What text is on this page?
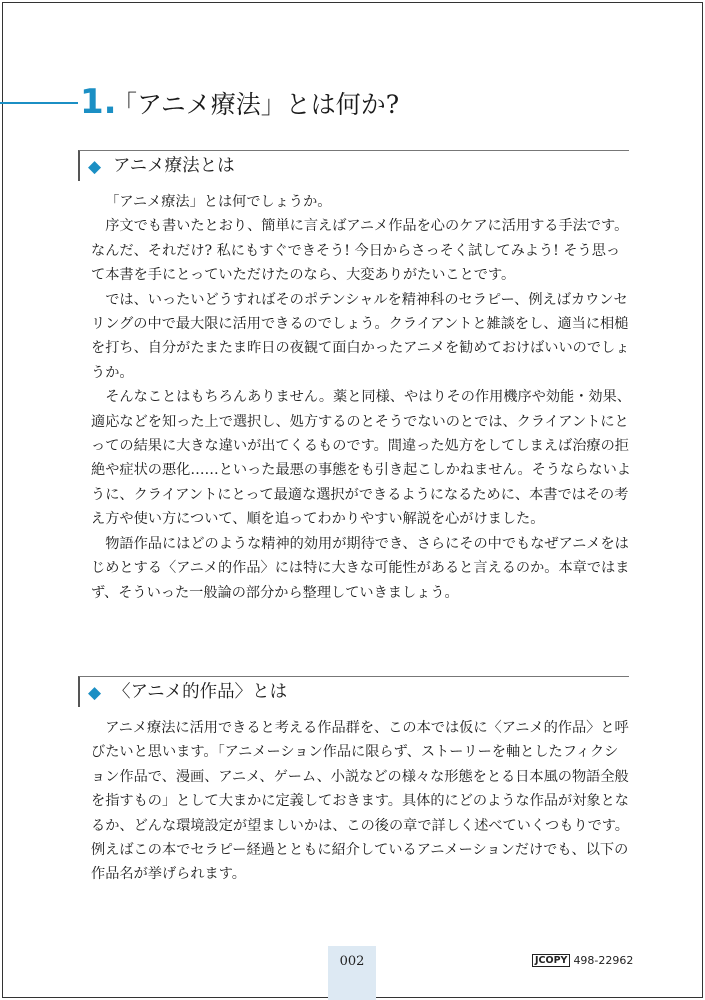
1.
「アニメ療法」とは何か?
◆ アニメ療法とは

「アニメ療法」とは何でしょうか。

序文でも書いたとおり、簡単に言えばアニメ作品を心のケアに活用する手法です。なんだ、それだけ? 私にもすぐできそう! 今日からさっそく試してみよう! そう思って本書を手にとっていただけたのなら、大変ありがたいことです。

では、いったいどうすればそのポテンシャルを精神科のセラピー、例えばカウンセリングの中で最大限に活用できるのでしょう。クライアントと雑談をし、適当に相槌を打ち、自分がたまたま昨日の夜観て面白かったアニメを勧めておけばいいのでしょうか。

そんなことはもちろんありません。薬と同様、やはりその作用機序や効能・効果、適応などを知った上で選択し、処方するのとそうでないのとでは、クライアントにとっての結果に大きな違いが出てくるものです。間違った処方をしてしまえば治療の拒絶や症状の悪化……といった最悪の事態をも引き起こしかねません。そうならないように、クライアントにとって最適な選択ができるようになるために、本書ではその考え方や使い方について、順を追ってわかりやすい解説を心がけました。

物語作品にはどのような精神的効用が期待でき、さらにその中でもなぜアニメをはじめとする〈アニメ的作品〉には特に大きな可能性があると言えるのか。本章ではまず、そういった一般論の部分から整理していきましょう。

◆ 〈アニメ的作品〉とは

アニメ療法に活用できると考える作品群を、この本では仮に〈アニメ的作品〉と呼びたいと思います。「アニメーション作品に限らず、ストーリーを軸としたフィクション作品で、漫画、アニメ、ゲーム、小説などの様々な形態をとる日本風の物語全般を指すもの」として大まかに定義しておきます。具体的にどのような作品が対象となるか、どんな環境設定が望ましいかは、この後の章で詳しく述べていくつもりです。例えばこの本でセラピー経過とともに紹介しているアニメーションだけでも、以下の作品名が挙げられます。

002	JCOPY 498-22962
